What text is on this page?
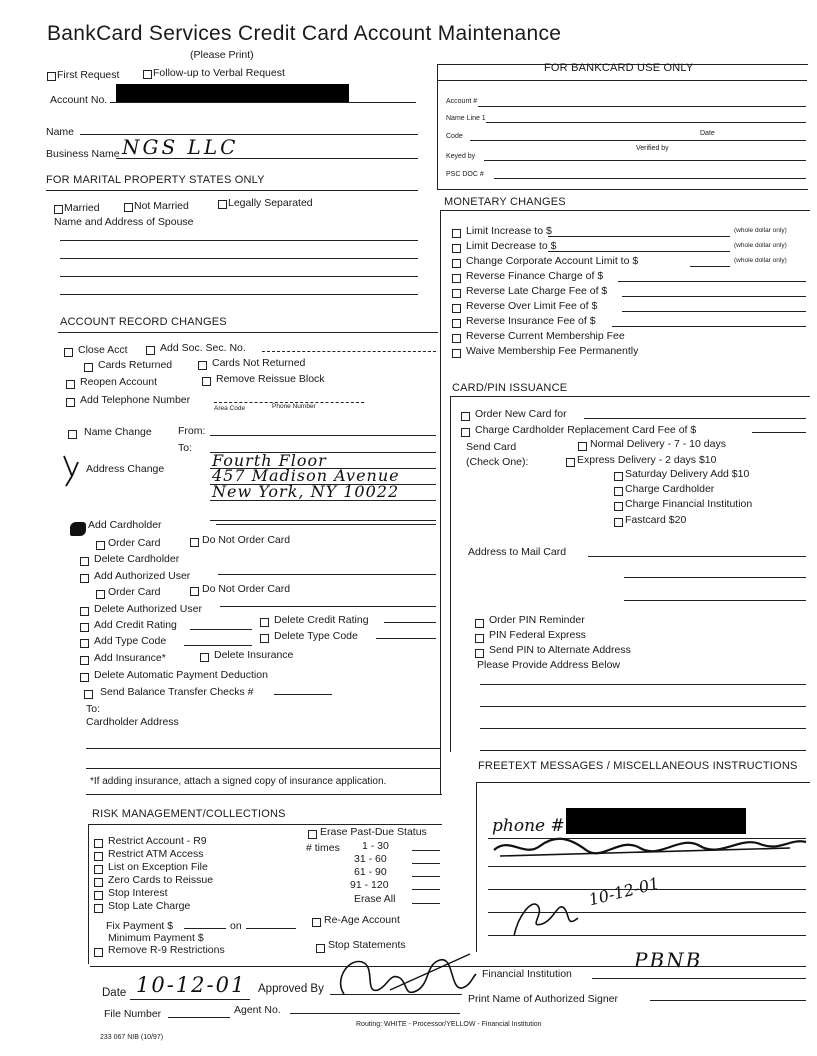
BankCard Services Credit Card Account Maintenance
(Please Print)
First Request	Follow-up to Verbal Request
Account No.
Name
Business Name NGS LLC
FOR MARITAL PROPERTY STATES ONLY
Married	Not Married	Legally Separated
Name and Address of Spouse
FOR BANKCARD USE ONLY
Account #
Name Line 1
Date
Code
Verified by
Keyed by
PSC DOC #
MONETARY CHANGES
Limit Increase to $	(whole dollar only)
Limit Decrease to $	(whole dollar only)
Change Corporate Account Limit to $	(whole dollar only)
Reverse Finance Charge of $
Reverse Late Charge Fee of $
Reverse Over Limit Fee of $
Reverse Insurance Fee of $
Reverse Current Membership Fee
Waive Membership Fee Permanently
CARD/PIN ISSUANCE
Order New Card for
Charge Cardholder Replacement Card Fee of $
Send Card
(Check One):
Normal Delivery - 7 - 10 days
Express Delivery - 2 days $10
Saturday Delivery Add $10
Charge Cardholder
Charge Financial Institution
Fastcard $20
Address to Mail Card
Order PIN Reminder
PIN Federal Express
Send PIN to Alternate Address
Please Provide Address Below
FREETEXT MESSAGES / MISCELLANEOUS INSTRUCTIONS
phone #
10-12-01
ACCOUNT RECORD CHANGES
Close Acct	Add Soc. Sec. No.
Cards Returned	Cards Not Returned
Reopen Account	Remove Reissue Block
Add Telephone Number
Area Code	Phone Number
Name Change	From:
To:
Address Change	Fourth Floor
457 Madison Avenue
New York, NY 10022
Add Cardholder
Order Card	Do Not Order Card
Delete Cardholder
Add Authorized User
Order Card	Do Not Order Card
Delete Authorized User
Add Credit Rating	Delete Credit Rating
Add Type Code	Delete Type Code
Add Insurance*	Delete Insurance
Delete Automatic Payment Deduction
Send Balance Transfer Checks #
To:
Cardholder Address
*If adding insurance, attach a signed copy of insurance application.
RISK MANAGEMENT/COLLECTIONS
Restrict Account - R9
Restrict ATM Access
List on Exception File
Zero Cards to Reissue
Stop Interest
Stop Late Charge
Erase Past-Due Status
# times 1 - 30
31 - 60
61 - 90
91 - 120
Erase All
Fix Payment $	on	Re-Age Account
Minimum Payment $
Remove R-9 Restrictions	Stop Statements
Date 10-12-01 Approved By
Financial Institution
PBNB
File Number	Agent No.
Print Name of Authorized Signer
Routing: WHITE - Processor/YELLOW - Financial Institution
233 067 NIB (10/97)
